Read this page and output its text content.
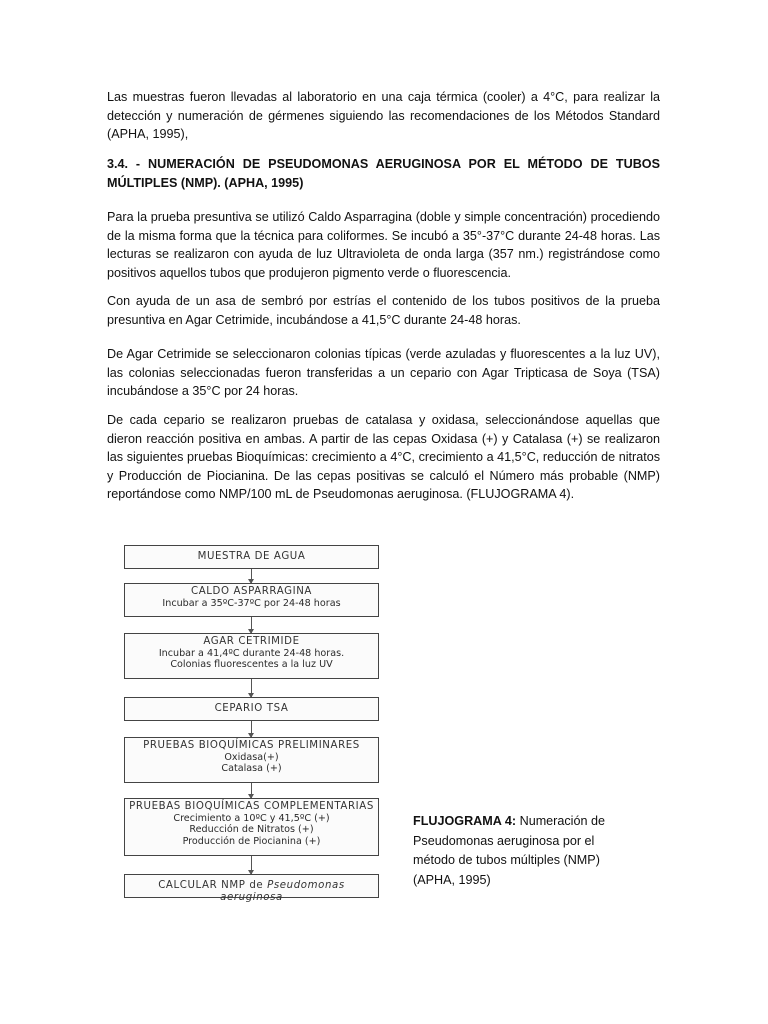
Las muestras fueron llevadas al laboratorio en una caja térmica (cooler) a 4°C, para realizar la detección y numeración de gérmenes siguiendo las recomendaciones de los Métodos Standard (APHA, 1995),

3.4. - NUMERACIÓN DE PSEUDOMONAS AERUGINOSA POR EL MÉTODO DE TUBOS MÚLTIPLES (NMP). (APHA, 1995)

Para la prueba presuntiva se utilizó Caldo Asparragina (doble y simple concentración) procediendo de la misma forma que la técnica para coliformes. Se incubó a 35°-37°C durante 24-48 horas. Las lecturas se realizaron con ayuda de luz Ultravioleta de onda larga (357 nm.) registrándose como positivos aquellos tubos que produjeron pigmento verde o fluorescencia.

Con ayuda de un asa de sembró por estrías el contenido de los tubos positivos de la prueba presuntiva en Agar Cetrimide, incubándose a 41,5°C durante 24-48 horas.

De Agar Cetrimide se seleccionaron colonias típicas (verde azuladas y fluorescentes a la luz UV), las colonias seleccionadas fueron transferidas a un cepario con Agar Tripticasa de Soya (TSA) incubándose a 35°C por 24 horas.

De cada cepario se realizaron pruebas de catalasa y oxidasa, seleccionándose aquellas que dieron reacción positiva en ambas. A partir de las cepas Oxidasa (+) y Catalasa (+) se realizaron las siguientes pruebas Bioquímicas: crecimiento a 4°C, crecimiento a 41,5°C, reducción de nitratos y Producción de Piocianina. De las cepas positivas se calculó el Número más probable (NMP) reportándose como NMP/100 mL de Pseudomonas aeruginosa. (FLUJOGRAMA 4).

MUESTRA DE AGUA
CALDO ASPARRAGINA
Incubar a 35ºC-37ºC por 24-48 horas
AGAR CETRIMIDE
Incubar a 41,4ºC durante 24-48 horas.
Colonias fluorescentes a la luz UV
CEPARIO TSA
PRUEBAS BIOQUÍMICAS PRELIMINARES
Oxidasa(+)
Catalasa (+)
PRUEBAS BIOQUÍMICAS COMPLEMENTARIAS
Crecimiento a 10ºC y 41,5ºC (+)
Reducción de Nitratos (+)
Producción de Piocianina (+)
CALCULAR NMP de Pseudomonas aeruginosa

FLUJOGRAMA 4: Numeración de Pseudomonas aeruginosa por el método de tubos múltiples (NMP) (APHA, 1995)
